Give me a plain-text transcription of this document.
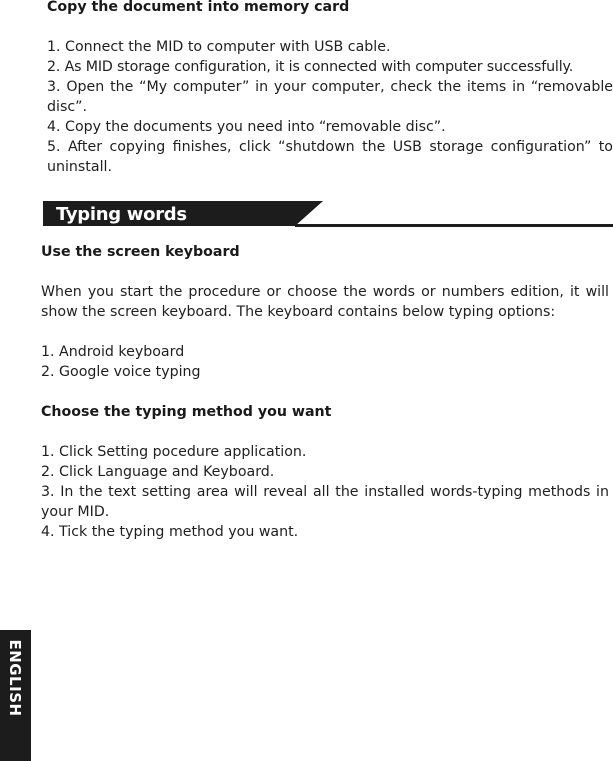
Copy the document into memory card
1. Connect the MID to computer with USB cable.
2. As MID storage configuration, it is connected with computer successfully.
3. Open the “My computer” in your computer, check the items in “removable
disc”.
4. Copy the documents you need into “removable disc”.
5. After copying finishes, click “shutdown the USB storage configuration” to
uninstall.
Typing words
Use the screen keyboard
When you start the procedure or choose the words or numbers edition, it will
show the screen keyboard. The keyboard contains below typing options:
1. Android keyboard
2. Google voice typing
Choose the typing method you want
1. Click Setting pocedure application.
2. Click Language and Keyboard.
3. In the text setting area will reveal all the installed words-typing methods in
your MID.
4. Tick the typing method you want.
ENGLISH
